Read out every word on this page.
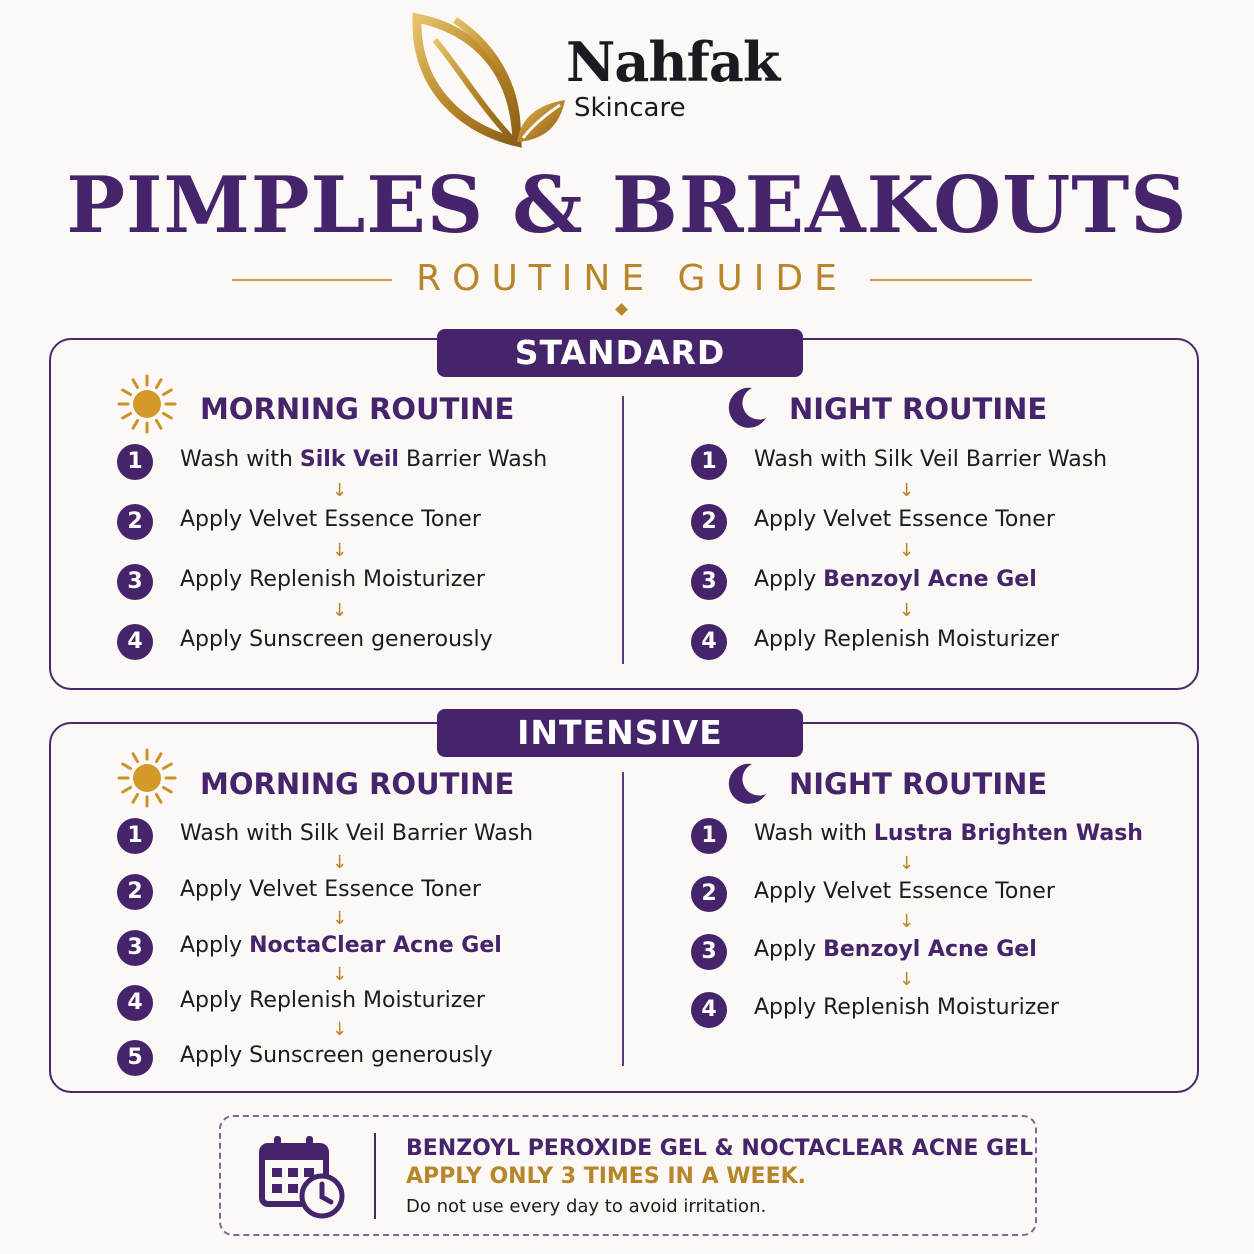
Nahfak
Skincare
PIMPLES & BREAKOUTS
ROUTINE GUIDE
STANDARD
INTENSIVE
MORNING ROUTINE
1	Wash with Silk Veil Barrier Wash
↓
2	Apply Velvet Essence Toner
↓
3	Apply Replenish Moisturizer
↓
4	Apply Sunscreen generously
NIGHT ROUTINE
1	Wash with Silk Veil Barrier Wash
↓
2	Apply Velvet Essence Toner
↓
3	Apply Benzoyl Acne Gel
↓
4	Apply Replenish Moisturizer
MORNING ROUTINE
1	Wash with Silk Veil Barrier Wash
↓
2	Apply Velvet Essence Toner
↓
3	Apply NoctaClear Acne Gel
↓
4	Apply Replenish Moisturizer
↓
5	Apply Sunscreen generously
NIGHT ROUTINE
1	Wash with Lustra Brighten Wash
↓
2	Apply Velvet Essence Toner
↓
3	Apply Benzoyl Acne Gel
↓
4	Apply Replenish Moisturizer
BENZOYL PEROXIDE GEL & NOCTACLEAR ACNE GEL
APPLY ONLY 3 TIMES IN A WEEK.
Do not use every day to avoid irritation.
